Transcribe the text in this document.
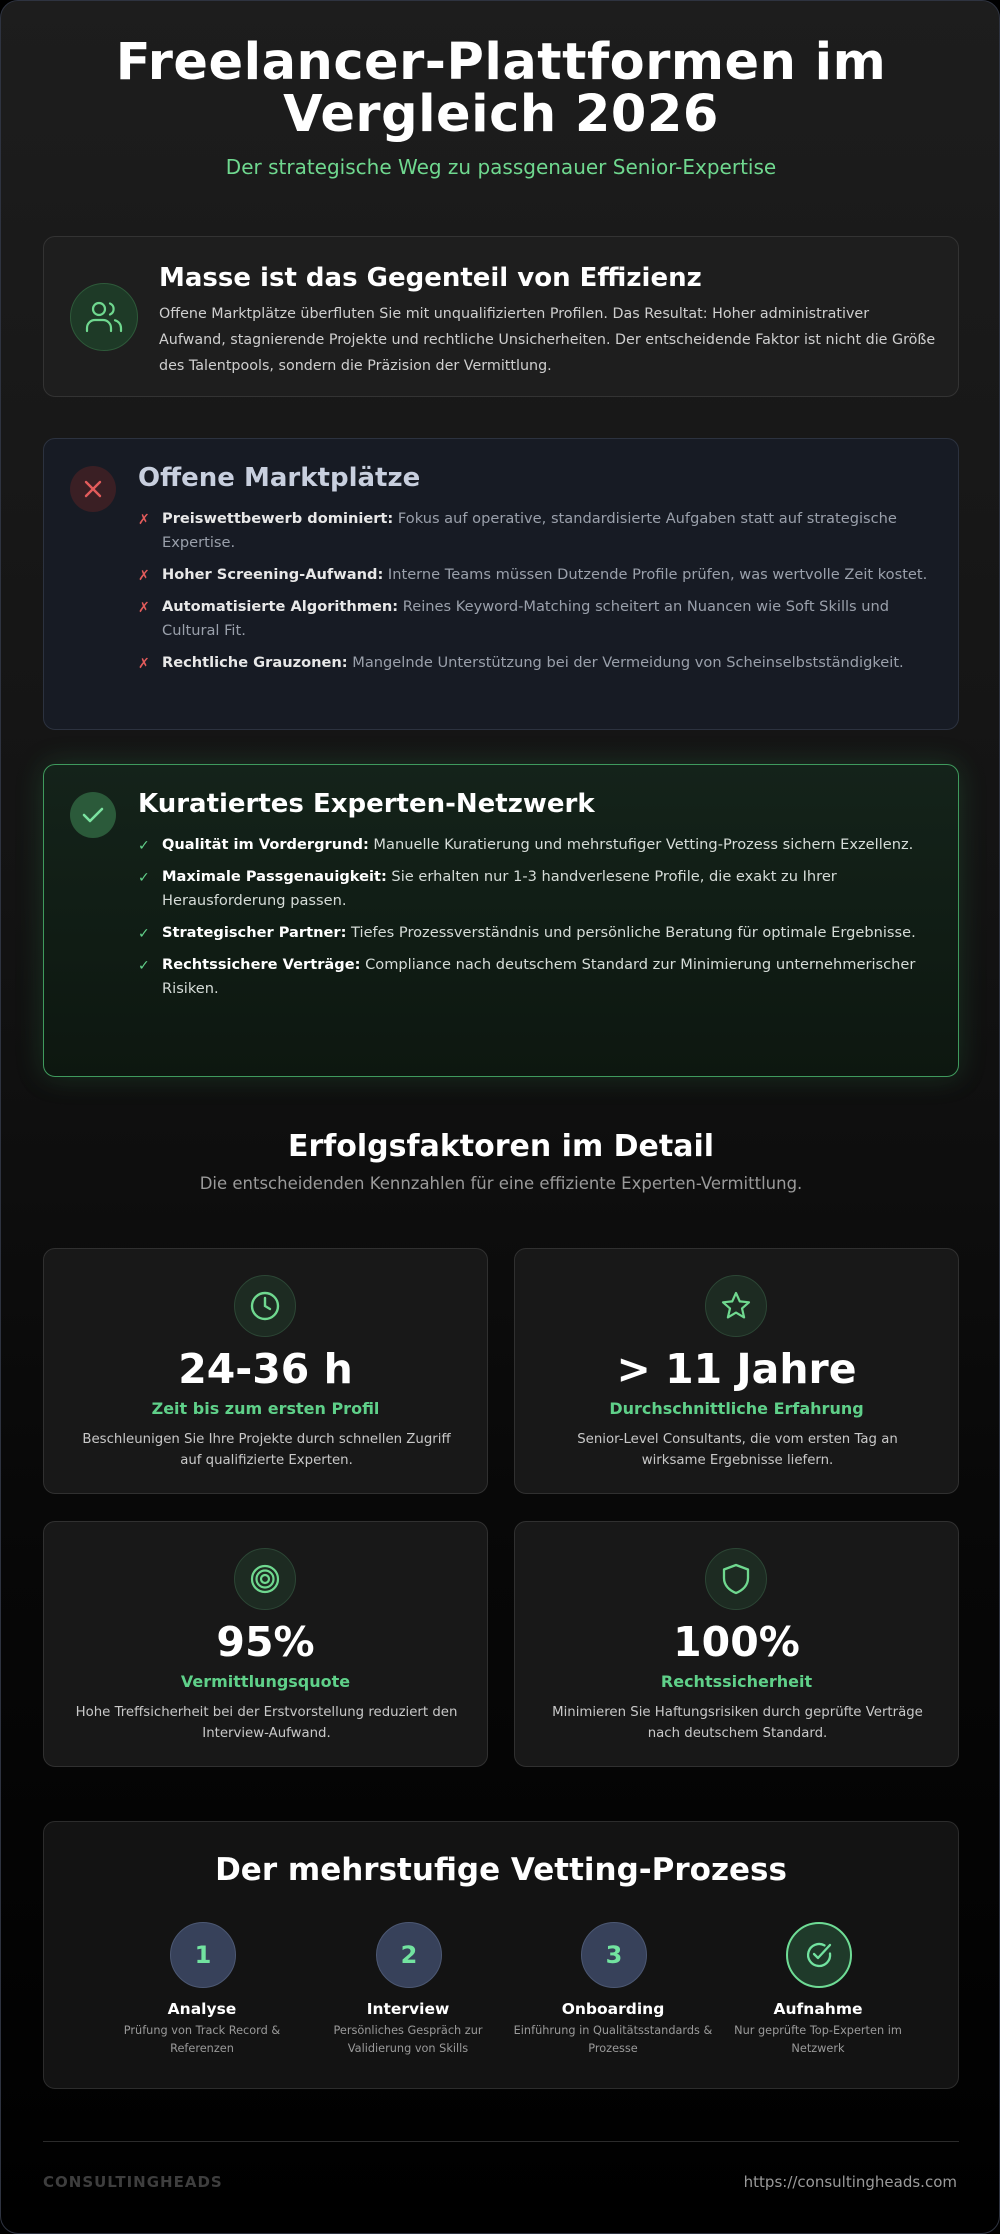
Freelancer-Plattformen im
Vergleich 2026
Der strategische Weg zu passgenauer Senior-Expertise
Masse ist das Gegenteil von Effizienz

Offene Marktplätze überfluten Sie mit unqualifizierten Profilen. Das Resultat: Hoher administrativer Aufwand, stagnierende Projekte und rechtliche Unsicherheiten. Der entscheidende Faktor ist nicht die Größe des Talentpools, sondern die Präzision der Vermittlung.

Offene Marktplätze
✗ Preiswettbewerb dominiert: Fokus auf operative, standardisierte Aufgaben statt auf strategische Expertise.
✗ Hoher Screening-Aufwand: Interne Teams müssen Dutzende Profile prüfen, was wertvolle Zeit kostet.
✗ Automatisierte Algorithmen: Reines Keyword-Matching scheitert an Nuancen wie Soft Skills und Cultural Fit.
✗ Rechtliche Grauzonen: Mangelnde Unterstützung bei der Vermeidung von Scheinselbstständigkeit.
Kuratiertes Experten-Netzwerk
✓ Qualität im Vordergrund: Manuelle Kuratierung und mehrstufiger Vetting-Prozess sichern Exzellenz.
✓ Maximale Passgenauigkeit: Sie erhalten nur 1-3 handverlesene Profile, die exakt zu Ihrer Herausforderung passen.
✓ Strategischer Partner: Tiefes Prozessverständnis und persönliche Beratung für optimale Ergebnisse.
✓ Rechtssichere Verträge: Compliance nach deutschem Standard zur Minimierung unternehmerischer Risiken.
Erfolgsfaktoren im Detail

Die entscheidenden Kennzahlen für eine effiziente Experten-Vermittlung.

24-36 h
Zeit bis zum ersten Profil
Beschleunigen Sie Ihre Projekte durch schnellen Zugriff auf qualifizierte Experten.
> 11 Jahre
Durchschnittliche Erfahrung
Senior-Level Consultants, die vom ersten Tag an wirksame Ergebnisse liefern.
95%
Vermittlungsquote
Hohe Treffsicherheit bei der Erstvorstellung reduziert den Interview-Aufwand.
100%
Rechtssicherheit
Minimieren Sie Haftungsrisiken durch geprüfte Verträge nach deutschem Standard.
Der mehrstufige Vetting-Prozess
1
Analyse
Prüfung von Track Record & Referenzen
2
Interview
Persönliches Gespräch zur Validierung von Skills
3
Onboarding
Einführung in Qualitätsstandards & Prozesse
Aufnahme
Nur geprüfte Top-Experten im Netzwerk
CONSULTINGHEADS	https://consultingheads.com
